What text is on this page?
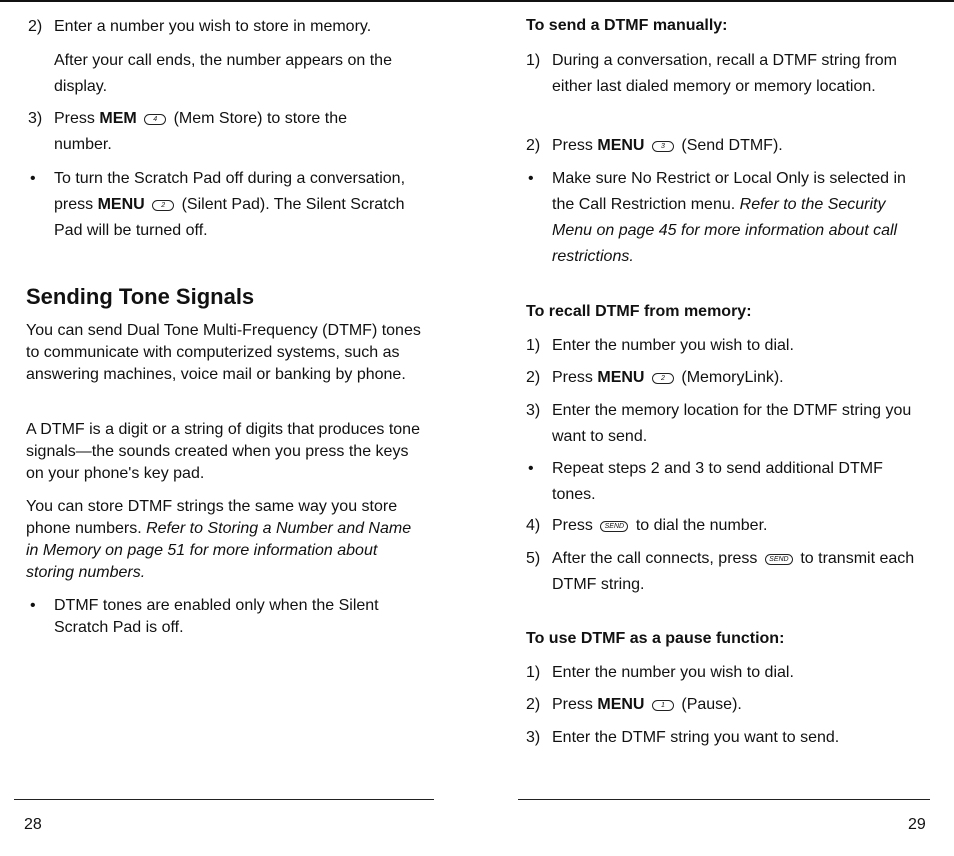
2) Enter a number you wish to store in memory.
After your call ends, the number appears on the display.
3) Press MEM 4 (Mem Store) to store the number.
• To turn the Scratch Pad off during a conversation, press MENU 2 (Silent Pad). The Silent Scratch Pad will be turned off.
Sending Tone Signals
You can send Dual Tone Multi-Frequency (DTMF) tones to communicate with computerized systems, such as answering machines, voice mail or banking by phone.
A DTMF is a digit or a string of digits that produces tone signals—the sounds created when you press the keys on your phone's key pad.
You can store DTMF strings the same way you store phone numbers. Refer to Storing a Number and Name in Memory on page 51 for more information about storing numbers.
• DTMF tones are enabled only when the Silent Scratch Pad is off.
28
To send a DTMF manually:
1) During a conversation, recall a DTMF string from either last dialed memory or memory location.
2) Press MENU 3 (Send DTMF).
• Make sure No Restrict or Local Only is selected in the Call Restriction menu. Refer to the Security Menu on page 45 for more information about call restrictions.
To recall DTMF from memory:
1) Enter the number you wish to dial.
2) Press MENU 2 (MemoryLink).
3) Enter the memory location for the DTMF string you want to send.
• Repeat steps 2 and 3 to send additional DTMF tones.
4) Press SEND to dial the number.
5) After the call connects, press SEND to transmit each DTMF string.
To use DTMF as a pause function:
1) Enter the number you wish to dial.
2) Press MENU 1 (Pause).
3) Enter the DTMF string you want to send.
29
